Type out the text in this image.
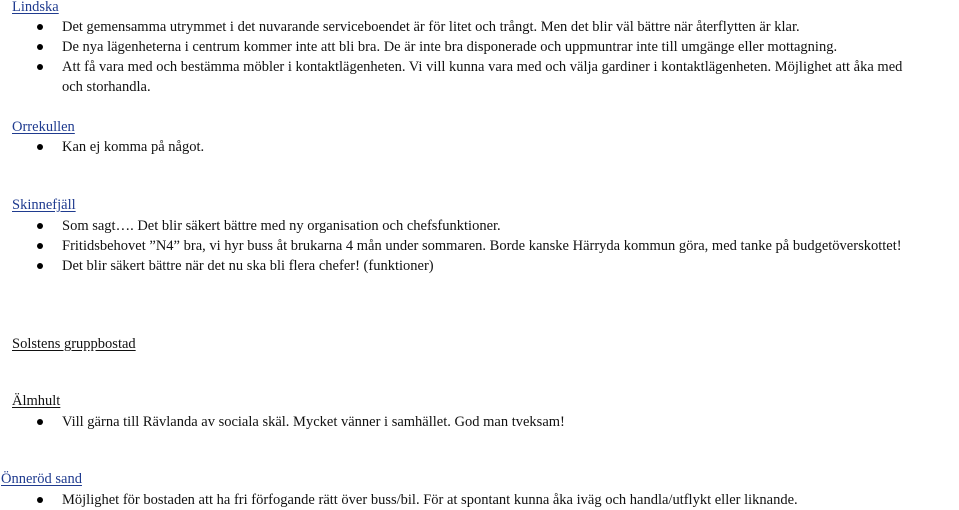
Lindska
Det gemensamma utrymmet i det nuvarande serviceboendet är för litet och trångt. Men det blir väl bättre när återflytten är klar.
De nya lägenheterna i centrum kommer inte att bli bra. De är inte bra disponerade och uppmuntrar inte till umgänge eller mottagning.
Att få vara med och bestämma möbler i kontaktlägenheten. Vi vill kunna vara med och välja gardiner i kontaktlägenheten. Möjlighet att åka med och storhandla.
Orrekullen
Kan ej komma på något.
Skinnefjäll
Som sagt…. Det blir säkert bättre med ny organisation och chefsfunktioner.
Fritidsbehovet ”N4” bra, vi hyr buss åt brukarna 4 mån under sommaren. Borde kanske Härryda kommun göra, med tanke på budgetöverskottet!
Det blir säkert bättre när det nu ska bli flera chefer! (funktioner)
Solstens gruppbostad
Älmhult
Vill gärna till Rävlanda av sociala skäl. Mycket vänner i samhället. God man tveksam!
Önneröd sand
Möjlighet för bostaden att ha fri förfogande rätt över buss/bil. För at spontant kunna åka iväg och handla/utflykt eller liknande.
